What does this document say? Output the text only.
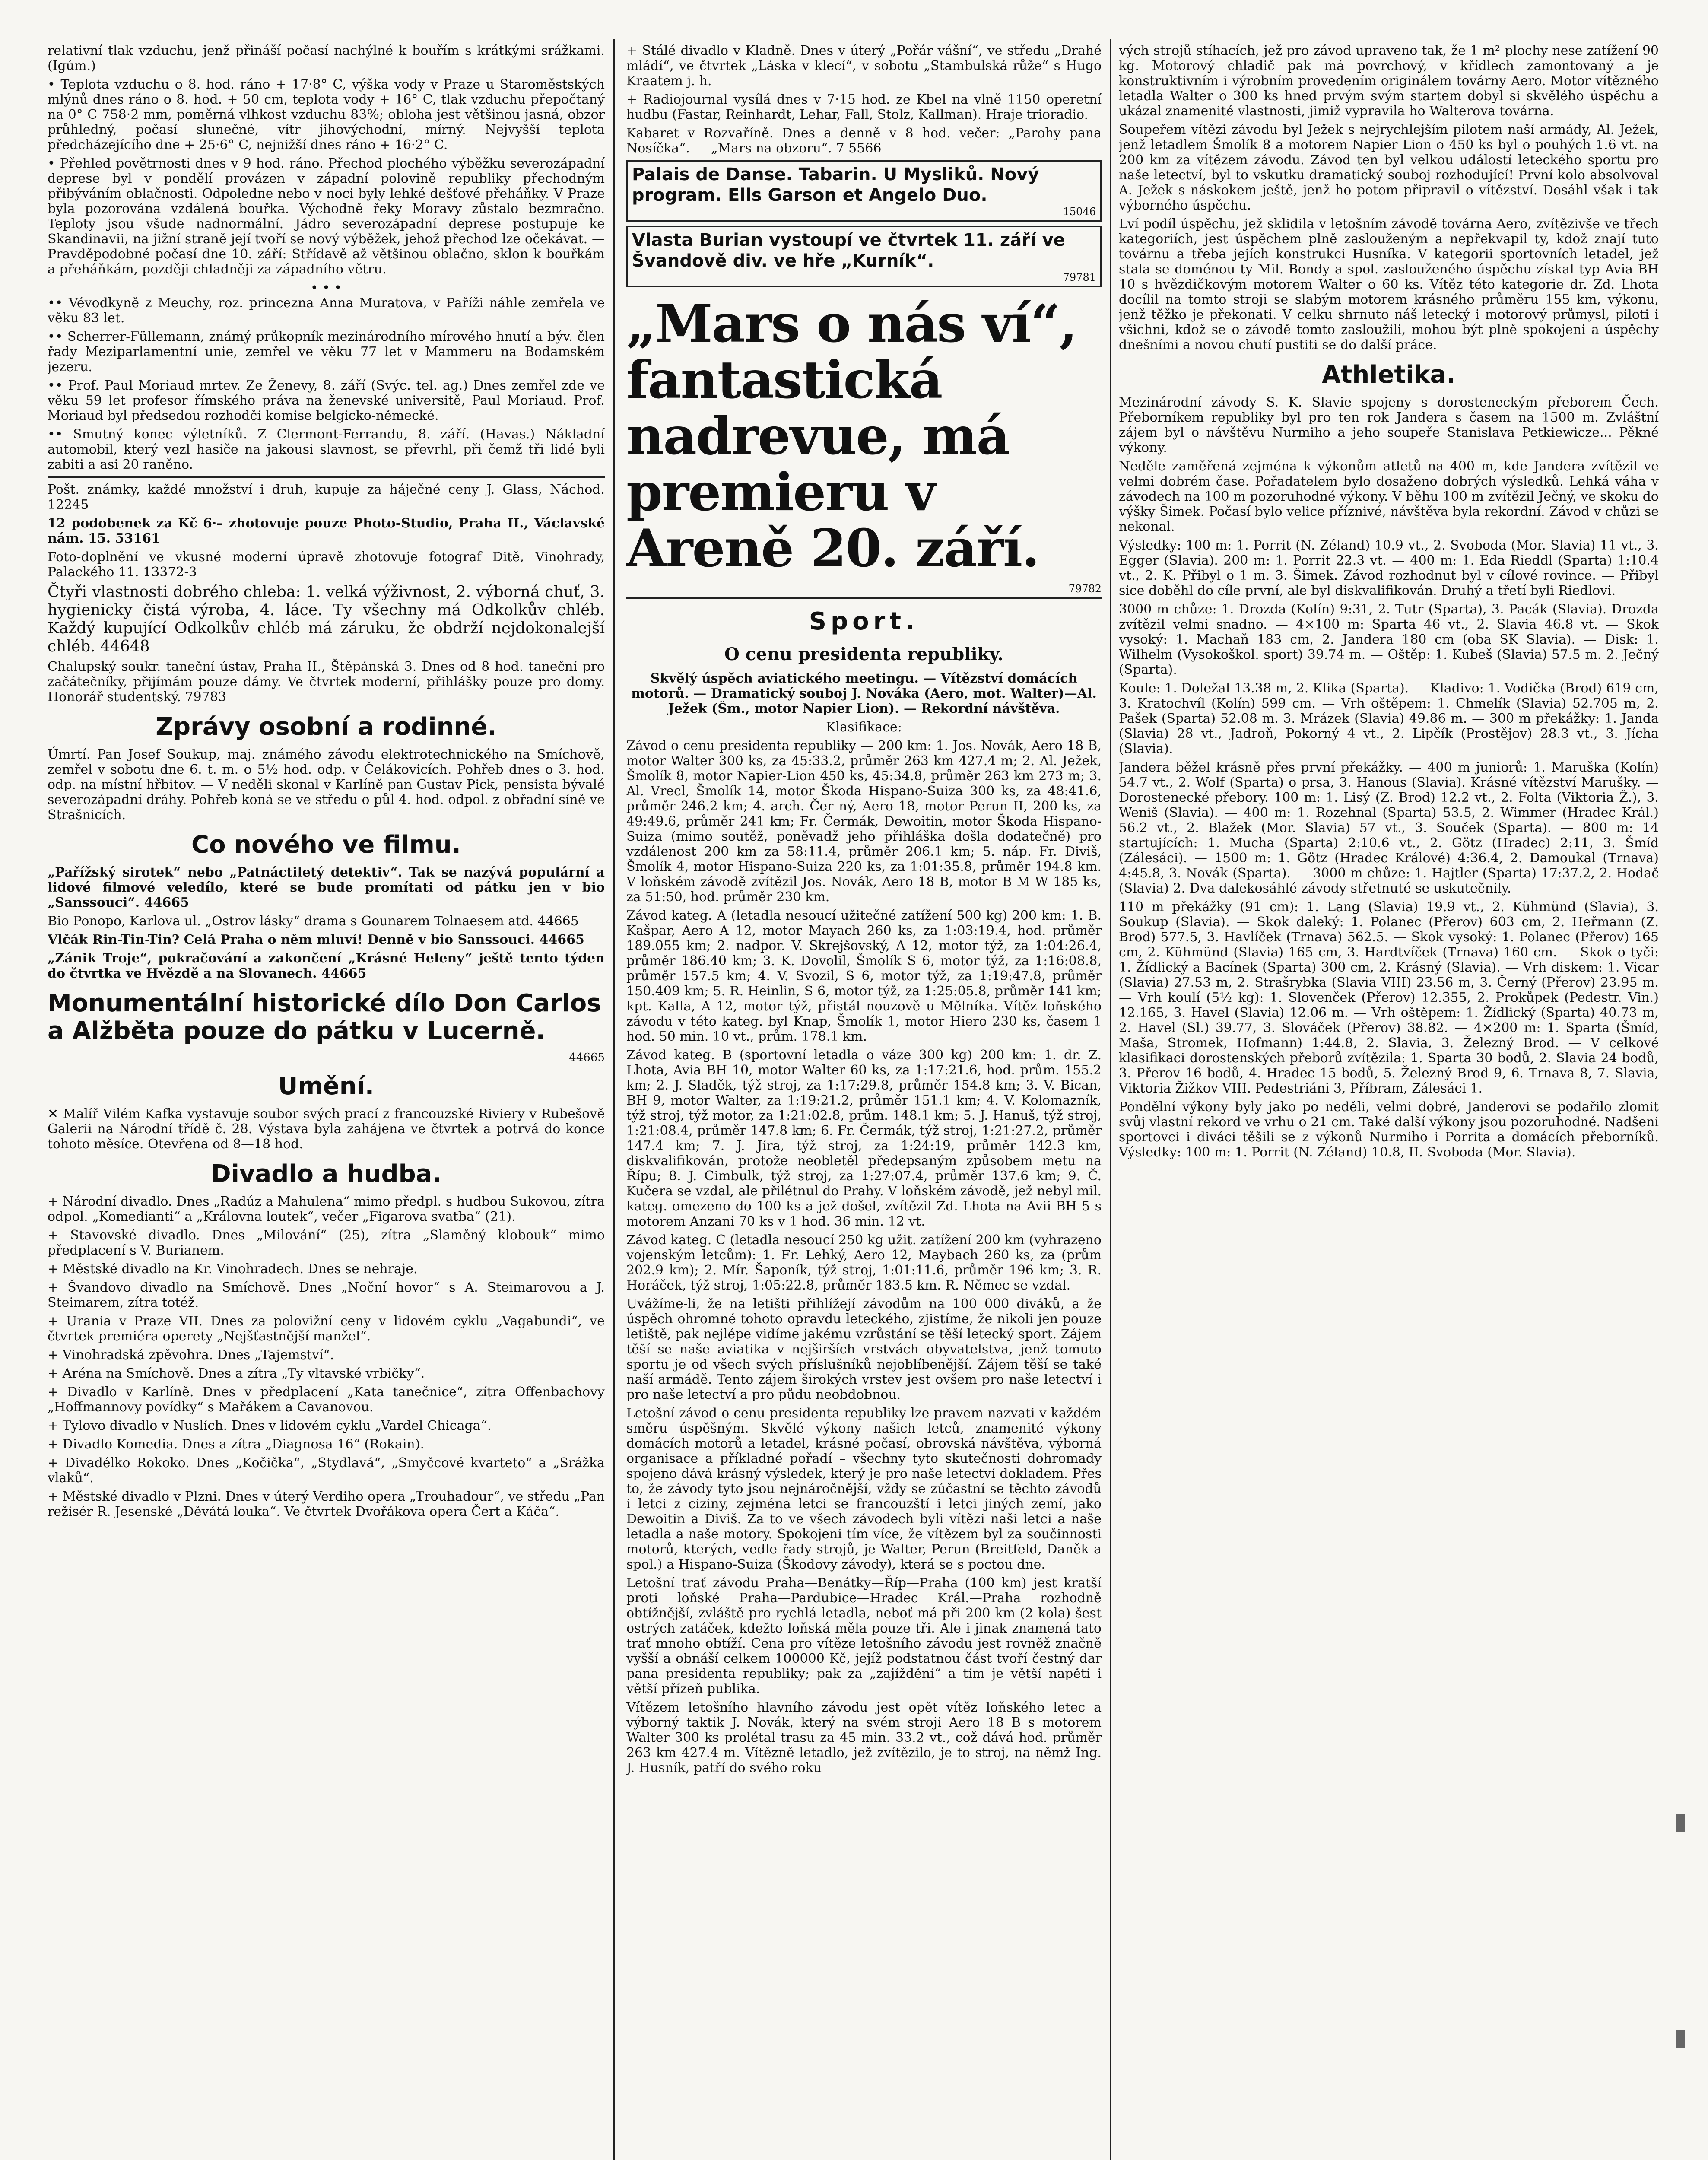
relativní tlak vzduchu, jenž přináší počasí nachýlné k bouřím s krátkými srážkami. (Igúm.)

• Teplota vzduchu o 8. hod. ráno + 17·8° C, výška vody v Praze u Staroměstských mlýnů dnes ráno o 8. hod. + 50 cm, teplota vody + 16° C, tlak vzduchu přepočtaný na 0° C 758·2 mm, poměrná vlhkost vzduchu 83%; obloha jest většinou jasná, obzor průhledný, počasí slunečné, vítr jihovýchodní, mírný. Nejvyšší teplota předcházejícího dne + 25·6° C, nejnižší dnes ráno + 16·2° C.

• Přehled povětrnosti dnes v 9 hod. ráno. Přechod plochého výběžku severozápadní deprese byl v pondělí provázen v západní polovině republiky přechodným přibýváním oblačnosti. Odpoledne nebo v noci byly lehké dešťové přeháňky. V Praze byla pozorována vzdálená bouřka. Východně řeky Moravy zůstalo bezmračno. Teploty jsou všude nadnormální. Jádro severozápadní deprese postupuje ke Skandinavii, na jižní straně její tvoří se nový výběžek, jehož přechod lze očekávat. — Pravděpodobné počasí dne 10. září: Střídavě až většinou oblačno, sklon k bouřkám a přeháňkám, později chladněji za západního větru.

• • •

•• Vévodkyně z Meuchy, roz. princezna Anna Muratova, v Paříži náhle zemřela ve věku 83 let.

•• Scherrer-Füllemann, známý průkopník mezinárodního mírového hnutí a býv. člen řady Meziparlamentní unie, zemřel ve věku 77 let v Mammeru na Bodamském jezeru.

•• Prof. Paul Moriaud mrtev. Ze Ženevy, 8. září (Svýc. tel. ag.) Dnes zemřel zde ve věku 59 let profesor římského práva na ženevské universitě, Paul Moriaud. Prof. Moriaud byl předsedou rozhodčí komise belgicko-německé.

•• Smutný konec výletníků. Z Clermont-Ferrandu, 8. září. (Havas.) Nákladní automobil, který vezl hasiče na jakousi slavnost, se převrhl, při čemž tři lidé byli zabiti a asi 20 raněno.

Pošt. známky, každé množství i druh, kupuje za háječné ceny J. Glass, Náchod. 12245

12 podobenek za Kč 6·– zhotovuje pouze Photo-Studio, Praha II., Václavské nám. 15. 53161

Foto-doplnění ve vkusné moderní úpravě zhotovuje fotograf Ditě, Vinohrady, Palackého 11. 13372-3

Čtyři vlastnosti dobrého chleba: 1. velká výživnost, 2. výborná chuť, 3. hygienicky čistá výroba, 4. láce. Ty všechny má Odkolkův chléb. Každý kupující Odkolkův chléb má záruku, že obdrží nejdokonalejší chléb. 44648

Chalupský soukr. taneční ústav, Praha II., Štěpánská 3. Dnes od 8 hod. taneční pro začátečníky, přijímám pouze dámy. Ve čtvrtek moderní, přihlášky pouze pro domy. Honorář studentský. 79783

Zprávy osobní a rodinné.

Úmrtí. Pan Josef Soukup, maj. známého závodu elektrotechnického na Smíchově, zemřel v sobotu dne 6. t. m. o 5½ hod. odp. v Čelákovicích. Pohřeb dnes o 3. hod. odp. na místní hřbitov. — V neděli skonal v Karlíně pan Gustav Pick, pensista bývalé severozápadní dráhy. Pohřeb koná se ve středu o půl 4. hod. odpol. z obřadní síně ve Strašnicích.

Co nového ve filmu.

„Pařížský sirotek“ nebo „Patnáctiletý detektiv“. Tak se nazývá populární a lidové filmové veledílo, které se bude promítati od pátku jen v bio „Sanssouci“. 44665

Bio Ponopo, Karlova ul. „Ostrov lásky“ drama s Gounarem Tolnaesem atd. 44665

Vlčák Rin-Tin-Tin? Celá Praha o něm mluví! Denně v bio Sanssouci. 44665

„Zánik Troje“, pokračování a zakončení „Krásné Heleny“ ještě tento týden do čtvrtka ve Hvězdě a na Slovanech. 44665

Monumentální historické dílo Don Carlos a Alžběta pouze do pátku v Lucerně.
44665
Umění.

✕ Malíř Vilém Kafka vystavuje soubor svých prací z francouzské Riviery v Rubešově Galerii na Národní třídě č. 28. Výstava byla zahájena ve čtvrtek a potrvá do konce tohoto měsíce. Otevřena od 8—18 hod.

Divadlo a hudba.

+ Národní divadlo. Dnes „Radúz a Mahulena“ mimo předpl. s hudbou Sukovou, zítra odpol. „Komedianti“ a „Královna loutek“, večer „Figarova svatba“ (21).

+ Stavovské divadlo. Dnes „Milování“ (25), zítra „Slaměný klobouk“ mimo předplacení s V. Burianem.

+ Městské divadlo na Kr. Vinohradech. Dnes se nehraje.

+ Švandovo divadlo na Smíchově. Dnes „Noční hovor“ s A. Steimarovou a J. Steimarem, zítra totéž.

+ Urania v Praze VII. Dnes za polovižní ceny v lidovém cyklu „Vagabundi“, ve čtvrtek premiéra operety „Nejšťastnější manžel“.

+ Vinohradská zpěvohra. Dnes „Tajemství“.

+ Aréna na Smíchově. Dnes a zítra „Ty vltavské vrbičky“.

+ Divadlo v Karlíně. Dnes v předplacení „Kata tanečnice“, zítra Offenbachovy „Hoffmannovy povídky“ s Mařákem a Cavanovou.

+ Tylovo divadlo v Nuslích. Dnes v lidovém cyklu „Vardel Chicaga“.

+ Divadlo Komedia. Dnes a zítra „Diagnosa 16“ (Rokain).

+ Divadélko Rokoko. Dnes „Kočička“, „Stydlavá“, „Smyčcové kvarteto“ a „Srážka vlaků“.

+ Městské divadlo v Plzni. Dnes v úterý Verdiho opera „Trouhadour“, ve středu „Pan režisér R. Jesenské „Děvátá louka“. Ve čtvrtek Dvořákova opera Čert a Káča“.

+ Stálé divadlo v Kladně. Dnes v úterý „Pořár vášní“, ve středu „Drahé mládí“, ve čtvrtek „Láska v klecí“, v sobotu „Stambulská růže“ s Hugo Kraatem j. h.

+ Radiojournal vysílá dnes v 7·15 hod. ze Kbel na vlně 1150 operetní hudbu (Fastar, Reinhardt, Lehar, Fall, Stolz, Kallman). Hraje trioradio.

Kabaret v Rozvaříně. Dnes a denně v 8 hod. večer: „Parohy pana Nosíčka“. — „Mars na obzoru“. 7 5566

Palais de Danse. Tabarin. U Mysliků. Nový program. Ells Garson et Angelo Duo.
15046
Vlasta Burian vystoupí ve čtvrtek 11. září ve Švandově div. ve hře „Kurník“.
79781
„Mars o nás ví“, fantastická nadrevue, má premieru v Areně 20. září.
79782
Sport.
O cenu presidenta republiky.

Skvělý úspěch aviatického meetingu. — Vítězství domácích motorů. — Dramatický souboj J. Nováka (Aero, mot. Walter)—Al. Ježek (Šm., motor Napier Lion). — Rekordní návštěva.

Klasifikace:

Závod o cenu presidenta republiky — 200 km: 1. Jos. Novák, Aero 18 B, motor Walter 300 ks, za 45:33.2, průměr 263 km 427.4 m; 2. Al. Ježek, Šmolík 8, motor Napier-Lion 450 ks, 45:34.8, průměr 263 km 273 m; 3. Al. Vrecl, Šmolík 14, motor Škoda Hispano-Suiza 300 ks, za 48:41.6, průměr 246.2 km; 4. arch. Čer ný, Aero 18, motor Perun II, 200 ks, za 49:49.6, průměr 241 km; Fr. Čermák, Dewoitin, motor Škoda Hispano-Suiza (mimo soutěž, poněvadž jeho přihláška došla dodatečně) pro vzdálenost 200 km za 58:11.4, průměr 206.1 km; 5. náp. Fr. Diviš, Šmolík 4, motor Hispano-Suiza 220 ks, za 1:01:35.8, průměr 194.8 km. V loňském závodě zvítězil Jos. Novák, Aero 18 B, motor B M W 185 ks, za 51:50, hod. průměr 230 km.

Závod kateg. A (letadla nesoucí užitečné zatížení 500 kg) 200 km: 1. B. Kašpar, Aero A 12, motor Mayach 260 ks, za 1:03:19.4, hod. průměr 189.055 km; 2. nadpor. V. Skrejšovský, A 12, motor týž, za 1:04:26.4, průměr 186.40 km; 3. K. Dovolil, Šmolík S 6, motor týž, za 1:16:08.8, průměr 157.5 km; 4. V. Svozil, S 6, motor týž, za 1:19:47.8, průměr 150.409 km; 5. R. Heinlin, S 6, motor týž, za 1:25:05.8, průměr 141 km; kpt. Kalla, A 12, motor týž, přistál nouzově u Mělníka. Vítěz loňského závodu v této kateg. byl Knap, Šmolík 1, motor Hiero 230 ks, časem 1 hod. 50 min. 10 vt., prům. 178.1 km.

Závod kateg. B (sportovní letadla o váze 300 kg) 200 km: 1. dr. Z. Lhota, Avia BH 10, motor Walter 60 ks, za 1:17:21.6, hod. prům. 155.2 km; 2. J. Sladěk, týž stroj, za 1:17:29.8, průměr 154.8 km; 3. V. Bican, BH 9, motor Walter, za 1:19:21.2, průměr 151.1 km; 4. V. Kolomazník, týž stroj, týž motor, za 1:21:02.8, prům. 148.1 km; 5. J. Hanuš, týž stroj, 1:21:08.4, průměr 147.8 km; 6. Fr. Čermák, týž stroj, 1:21:27.2, průměr 147.4 km; 7. J. Jíra, týž stroj, za 1:24:19, průměr 142.3 km, diskvalifikován, protože neobletěl předepsaným způsobem metu na Řípu; 8. J. Cimbulk, týž stroj, za 1:27:07.4, průměr 137.6 km; 9. Č. Kučera se vzdal, ale přilétnul do Prahy. V loňském závodě, jež nebyl mil. kateg. omezeno do 100 ks a jež došel, zvítězil Zd. Lhota na Avii BH 5 s motorem Anzani 70 ks v 1 hod. 36 min. 12 vt.

Závod kateg. C (letadla nesoucí 250 kg užit. zatížení 200 km (vyhrazeno vojenským letcům): 1. Fr. Lehký, Aero 12, Maybach 260 ks, za (prům 202.9 km); 2. Mír. Šaponík, týž stroj, 1:01:11.6, průměr 196 km; 3. R. Horáček, týž stroj, 1:05:22.8, průměr 183.5 km. R. Němec se vzdal.

Uvážíme-li, že na letišti přihlížejí závodům na 100 000 diváků, a že úspěch ohromné tohoto opravdu leteckého, zjistíme, že nikoli jen pouze letiště, pak nejlépe vidíme jakému vzrůstání se těší letecký sport. Zájem těší se naše aviatika v nejširších vrstvách obyvatelstva, jenž tomuto sportu je od všech svých příslušníků nejoblíbenější. Zájem těší se také naší armádě. Tento zájem širokých vrstev jest ovšem pro naše letectví i pro naše letectví a pro půdu neobdobnou.

Letošní závod o cenu presidenta republiky lze pravem nazvati v každém směru úspěšným. Skvělé výkony našich letců, znamenité výkony domácích motorů a letadel, krásné počasí, obrovská návštěva, výborná organisace a příkladné pořadí – všechny tyto skutečnosti dohromady spojeno dává krásný výsledek, který je pro naše letectví dokladem. Přes to, že závody tyto jsou nejnáročnější, vždy se zúčastní se těchto závodů i letci z ciziny, zejména letci se francouzští i letci jiných zemí, jako Dewoitin a Diviš. Za to ve všech závodech byli vítězi naši letci a naše letadla a naše motory. Spokojeni tím více, že vítězem byl za součinnosti motorů, kterých, vedle řady strojů, je Walter, Perun (Breitfeld, Daněk a spol.) a Hispano-Suiza (Škodovy závody), která se s poctou dne.

Letošní trať závodu Praha—Benátky—Říp—Praha (100 km) jest kratší proti loňské Praha—Pardubice—Hradec Král.—Praha rozhodně obtížnější, zvláště pro rychlá letadla, neboť má při 200 km (2 kola) šest ostrých zatáček, kdežto loňská měla pouze tři. Ale i jinak znamená tato trať mnoho obtíží. Cena pro vítěze letošního závodu jest rovněž značně vyšší a obnáší celkem 100000 Kč, jejíž podstatnou část tvoří čestný dar pana presidenta republiky; pak za „zajíždění“ a tím je větší napětí i větší přízeň publika.

Vítězem letošního hlavního závodu jest opět vítěz loňského letec a výborný taktik J. Novák, který na svém stroji Aero 18 B s motorem Walter 300 ks prolétal trasu za 45 min. 33.2 vt., což dává hod. průměr 263 km 427.4 m. Vítězně letadlo, jež zvítězilo, je to stroj, na němž Ing. J. Husník, patří do svého roku

vých strojů stíhacích, jež pro závod upraveno tak, že 1 m² plochy nese zatížení 90 kg. Motorový chladič pak má povrchový, v křídlech zamontovaný a je konstruktivním i výrobním provedením originálem továrny Aero. Motor vítězného letadla Walter o 300 ks hned prvým svým startem dobyl si skvělého úspěchu a ukázal znamenité vlastnosti, jimiž vypravila ho Walterova továrna.

Soupeřem vítězi závodu byl Ježek s nejrychlejším pilotem naší armády, Al. Ježek, jenž letadlem Šmolík 8 a motorem Napier Lion o 450 ks byl o pouhých 1.6 vt. na 200 km za vítězem závodu. Závod ten byl velkou událostí leteckého sportu pro naše letectví, byl to vskutku dramatický souboj rozhodující! První kolo absolvoval A. Ježek s náskokem ještě, jenž ho potom připravil o vítězství. Dosáhl však i tak výborného úspěchu.

Lví podíl úspěchu, jež sklidila v letošním závodě továrna Aero, zvítězivše ve třech kategoriích, jest úspěchem plně zaslouženým a nepřekvapil ty, kdož znají tuto továrnu a třeba jejích konstrukci Husníka. V kategorii sportovních letadel, jež stala se doménou ty Mil. Bondy a spol. zaslouženého úspěchu získal typ Avia BH 10 s hvězdičkovým motorem Walter o 60 ks. Vítěz této kategorie dr. Zd. Lhota docílil na tomto stroji se slabým motorem krásného průměru 155 km, výkonu, jenž těžko je překonati. V celku shrnuto náš letecký i motorový průmysl, piloti i všichni, kdož se o závodě tomto zasloužili, mohou být plně spokojeni a úspěchy dnešními a novou chutí pustiti se do další práce.

Athletika.

Mezinárodní závody S. K. Slavie spojeny s dorosteneckým přeborem Čech. Přeborníkem republiky byl pro ten rok Jandera s časem na 1500 m. Zvláštní zájem byl o návštěvu Nurmiho a jeho soupeře Stanislava Petkiewicze... Pěkné výkony.

Neděle zaměřená zejména k výkonům atletů na 400 m, kde Jandera zvítězil ve velmi dobrém čase. Pořadatelem bylo dosaženo dobrých výsledků. Lehká váha v závodech na 100 m pozoruhodné výkony. V běhu 100 m zvítězil Ječný, ve skoku do výšky Šimek. Počasí bylo velice příznivé, návštěva byla rekordní. Závod v chůzi se nekonal.

Výsledky: 100 m: 1. Porrit (N. Zéland) 10.9 vt., 2. Svoboda (Mor. Slavia) 11 vt., 3. Egger (Slavia). 200 m: 1. Porrit 22.3 vt. — 400 m: 1. Eda Rieddl (Sparta) 1:10.4 vt., 2. K. Přibyl o 1 m. 3. Šimek. Závod rozhodnut byl v cílové rovince. — Přibyl sice doběhl do cíle první, ale byl diskvalifikován. Druhý a třetí byli Riedlovi.

3000 m chůze: 1. Drozda (Kolín) 9:31, 2. Tutr (Sparta), 3. Pacák (Slavia). Drozda zvítězil velmi snadno. — 4×100 m: Sparta 46 vt., 2. Slavia 46.8 vt. — Skok vysoký: 1. Machaň 183 cm, 2. Jandera 180 cm (oba SK Slavia). — Disk: 1. Wilhelm (Vysokoškol. sport) 39.74 m. — Oštěp: 1. Kubeš (Slavia) 57.5 m. 2. Ječný (Sparta).

Koule: 1. Doležal 13.38 m, 2. Klika (Sparta). — Kladivo: 1. Vodička (Brod) 619 cm, 3. Kratochvíl (Kolín) 599 cm. — Vrh oštěpem: 1. Chmelík (Slavia) 52.705 m, 2. Pašek (Sparta) 52.08 m. 3. Mrázek (Slavia) 49.86 m. — 300 m překážky: 1. Janda (Slavia) 28 vt., Jadroň, Pokorný 4 vt., 2. Lipčík (Prostějov) 28.3 vt., 3. Jícha (Slavia).

Jandera běžel krásně přes první překážky. — 400 m juniorů: 1. Maruška (Kolín) 54.7 vt., 2. Wolf (Sparta) o prsa, 3. Hanous (Slavia). Krásné vítězství Marušky. — Dorostenecké přebory. 100 m: 1. Lisý (Z. Brod) 12.2 vt., 2. Folta (Viktoria Ž.), 3. Weniš (Slavia). — 400 m: 1. Rozehnal (Sparta) 53.5, 2. Wimmer (Hradec Král.) 56.2 vt., 2. Blažek (Mor. Slavia) 57 vt., 3. Souček (Sparta). — 800 m: 14 startujících: 1. Mucha (Sparta) 2:10.6 vt., 2. Götz (Hradec) 2:11, 3. Šmíd (Zálesáci). — 1500 m: 1. Götz (Hradec Králové) 4:36.4, 2. Damoukal (Trnava) 4:45.8, 3. Novák (Sparta). — 3000 m chůze: 1. Hajtler (Sparta) 17:37.2, 2. Hodač (Slavia) 2. Dva dalekosáhlé závody střetnuté se uskutečnily.

110 m překážky (91 cm): 1. Lang (Slavia) 19.9 vt., 2. Kühmünd (Slavia), 3. Soukup (Slavia). — Skok daleký: 1. Polanec (Přerov) 603 cm, 2. Heřmann (Z. Brod) 577.5, 3. Havlíček (Trnava) 562.5. — Skok vysoký: 1. Polanec (Přerov) 165 cm, 2. Kühmünd (Slavia) 165 cm, 3. Hardtvíček (Trnava) 160 cm. — Skok o tyči: 1. Žídlický a Bacínek (Sparta) 300 cm, 2. Krásný (Slavia). — Vrh diskem: 1. Vicar (Slavia) 27.53 m, 2. Strašrybka (Slavia VIII) 23.56 m, 3. Černý (Přerov) 23.95 m. — Vrh koulí (5½ kg): 1. Slovenček (Přerov) 12.355, 2. Prokůpek (Pedestr. Vin.) 12.165, 3. Havel (Slavia) 12.06 m. — Vrh oštěpem: 1. Žídlický (Sparta) 40.73 m, 2. Havel (Sl.) 39.77, 3. Slováček (Přerov) 38.82. — 4×200 m: 1. Sparta (Šmíd, Maša, Stromek, Hofmann) 1:44.8, 2. Slavia, 3. Železný Brod. — V celkové klasifikaci dorostenských přeborů zvítězila: 1. Sparta 30 bodů, 2. Slavia 24 bodů, 3. Přerov 16 bodů, 4. Hradec 15 bodů, 5. Železný Brod 9, 6. Trnava 8, 7. Slavia, Viktoria Žižkov VIII. Pedestriáni 3, Příbram, Zálesáci 1.

Pondělní výkony byly jako po neděli, velmi dobré, Janderovi se podařilo zlomit svůj vlastní rekord ve vrhu o 21 cm. Také další výkony jsou pozoruhodné. Nadšeni sportovci i diváci těšili se z výkonů Nurmiho i Porrita a domácích přeborníků. Výsledky: 100 m: 1. Porrit (N. Zéland) 10.8, II. Svoboda (Mor. Slavia).
